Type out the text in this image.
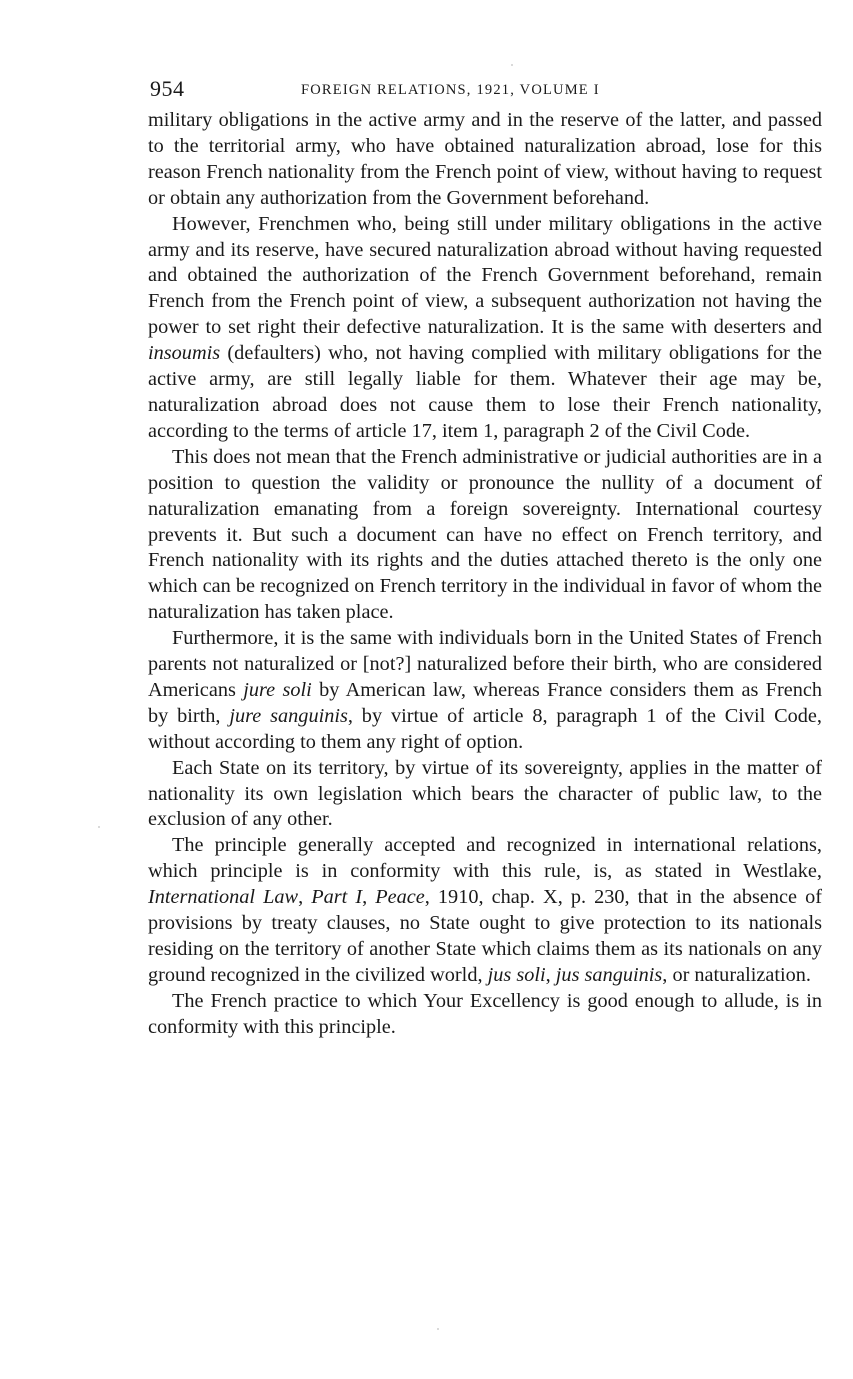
954	FOREIGN RELATIONS, 1921, VOLUME I

military obligations in the active army and in the reserve of the latter, and passed to the territorial army, who have obtained naturalization abroad, lose for this reason French nationality from the French point of view, without having to request or obtain any authorization from the Government beforehand.

However, Frenchmen who, being still under military obligations in the active army and its reserve, have secured naturalization abroad without having requested and obtained the authorization of the French Government beforehand, remain French from the French point of view, a subsequent authorization not having the power to set right their defective naturalization. It is the same with deserters and insoumis (defaulters) who, not having complied with military obligations for the active army, are still legally liable for them. Whatever their age may be, naturalization abroad does not cause them to lose their French nationality, according to the terms of article 17, item 1, paragraph 2 of the Civil Code.

This does not mean that the French administrative or judicial authorities are in a position to question the validity or pronounce the nullity of a document of naturalization emanating from a foreign sovereignty. International courtesy prevents it. But such a document can have no effect on French territory, and French nationality with its rights and the duties attached thereto is the only one which can be recognized on French territory in the individual in favor of whom the naturalization has taken place.

Furthermore, it is the same with individuals born in the United States of French parents not naturalized or [not?] naturalized before their birth, who are considered Americans jure soli by American law, whereas France considers them as French by birth, jure sanguinis, by virtue of article 8, paragraph 1 of the Civil Code, without according to them any right of option.

Each State on its territory, by virtue of its sovereignty, applies in the matter of nationality its own legislation which bears the character of public law, to the exclusion of any other.

The principle generally accepted and recognized in international relations, which principle is in conformity with this rule, is, as stated in Westlake, International Law, Part I, Peace, 1910, chap. X, p. 230, that in the absence of provisions by treaty clauses, no State ought to give protection to its nationals residing on the territory of another State which claims them as its nationals on any ground recognized in the civilized world, jus soli, jus sanguinis, or naturalization.

The French practice to which Your Excellency is good enough to allude, is in conformity with this principle.
